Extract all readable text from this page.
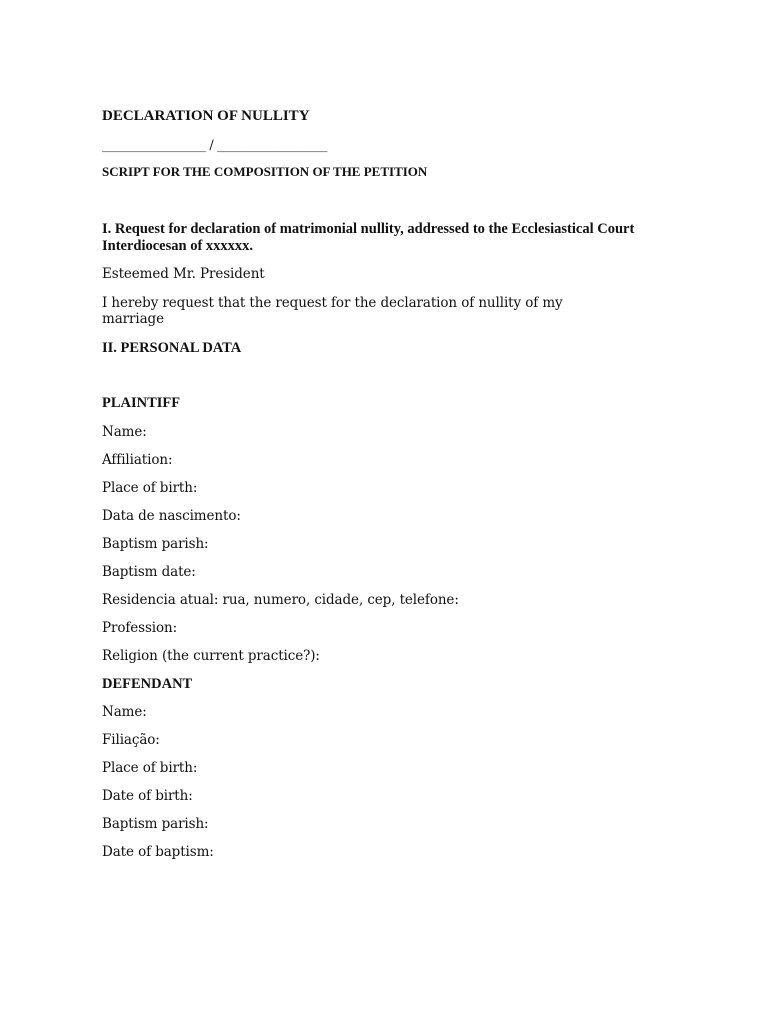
DECLARATION OF NULLITY
_________________ / __________________
SCRIPT FOR THE COMPOSITION OF THE PETITION
I. Request for declaration of matrimonial nullity, addressed to the Ecclesiastical Court Interdiocesan of xxxxxx.
Esteemed Mr. President
I hereby request that the request for the declaration of nullity of my
marriage
II. PERSONAL DATA
PLAINTIFF
Name:
Affiliation:
Place of birth:
Data de nascimento:
Baptism parish:
Baptism date:
Residencia atual: rua, numero, cidade, cep, telefone:
Profession:
Religion (the current practice?):
DEFENDANT
Name:
Filiação:
Place of birth:
Date of birth:
Baptism parish:
Date of baptism:
